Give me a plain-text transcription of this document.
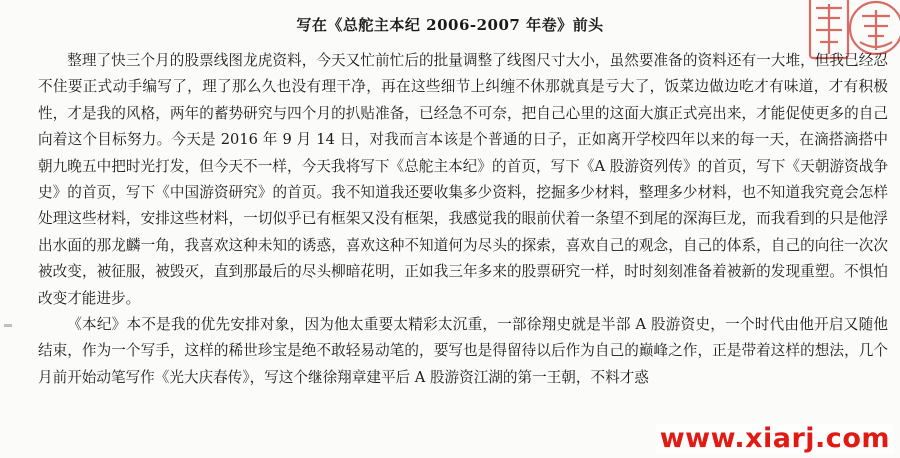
写在《总舵主本纪 2006-2007 年卷》前头

整理了快三个月的股票线图龙虎资料，今天又忙前忙后的批量调整了线图尺寸大小，虽然要准备的资料还有一大堆，但我已经忍不住要正式动手编写了，理了那么久也没有理干净，再在这些细节上纠缠不休那就真是亏大了，饭菜边做边吃才有味道，才有积极性，才是我的风格，两年的蓄势研究与四个月的扒贴准备，已经急不可奈，把自己心里的这面大旗正式亮出来，才能促使更多的自己向着这个目标努力。今天是 2016 年 9 月 14 日，对我而言本该是个普通的日子，正如离开学校四年以来的每一天，在滴搭滴搭中朝九晚五中把时光打发，但今天不一样，今天我将写下《总舵主本纪》的首页，写下《A 股游资列传》的首页，写下《天朝游资战争史》的首页，写下《中国游资研究》的首页。我不知道我还要收集多少资料，挖掘多少材料，整理多少材料，也不知道我究竟会怎样处理这些材料，安排这些材料，一切似乎已有框架又没有框架，我感觉我的眼前伏着一条望不到尾的深海巨龙，而我看到的只是他浮出水面的那龙麟一角，我喜欢这种未知的诱惑，喜欢这种不知道何为尽头的探索，喜欢自己的观念，自己的体系，自己的向往一次次被改变，被征服，被毁灭，直到那最后的尽头柳暗花明，正如我三年多来的股票研究一样，时时刻刻准备着被新的发现重塑。不惧怕改变才能进步。

《本纪》本不是我的优先安排对象，因为他太重要太精彩太沉重，一部徐翔史就是半部 A 股游资史，一个时代由他开启又随他结束，作为一个写手，这样的稀世珍宝是绝不敢轻易动笔的，要写也是得留待以后作为自己的巅峰之作，正是带着这样的想法，几个月前开始动笔写作《光大庆春传》，写这个继徐翔章建平后 A 股游资江湖的第一王朝，不料才惑

www.xiarj.com
